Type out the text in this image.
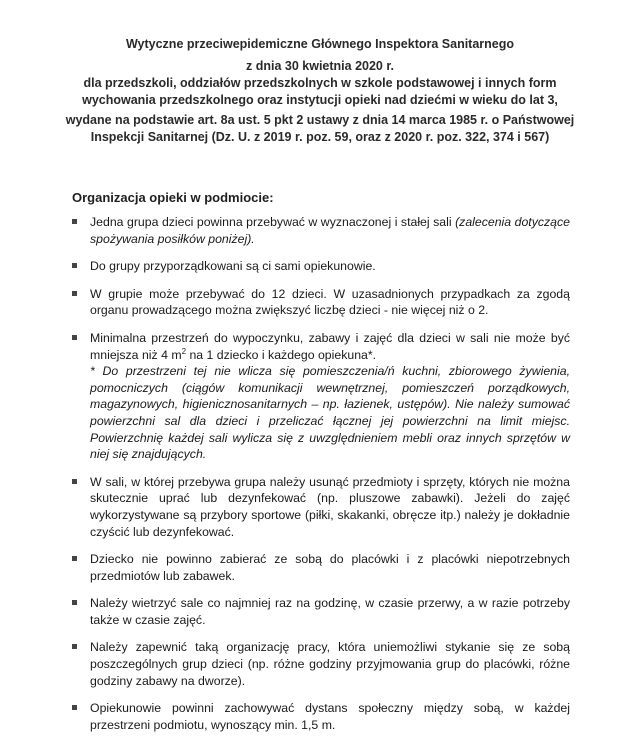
Wytyczne przeciwepidemiczne Głównego Inspektora Sanitarnego
z dnia 30 kwietnia 2020 r.
dla przedszkoli, oddziałów przedszkolnych w szkole podstawowej i innych form
wychowania przedszkolnego oraz instytucji opieki nad dziećmi w wieku do lat 3,
wydane na podstawie art. 8a ust. 5 pkt 2 ustawy z dnia 14 marca 1985 r. o Państwowej
Inspekcji Sanitarnej (Dz. U. z 2019 r. poz. 59, oraz z 2020 r. poz. 322, 374 i 567)
Organizacja opieki w podmiocie:

Jedna grupa dzieci powinna przebywać w wyznaczonej i stałej sali (zalecenia dotyczące spożywania posiłków poniżej).

Do grupy przyporządkowani są ci sami opiekunowie.

W grupie może przebywać do 12 dzieci. W uzasadnionych przypadkach za zgodą organu prowadzącego można zwiększyć liczbę dzieci - nie więcej niż o 2.

Minimalna przestrzeń do wypoczynku, zabawy i zajęć dla dzieci w sali nie może być mniejsza niż 4 $m^2$ na 1 dziecko i każdego opiekuna*.

* Do przestrzeni tej nie wlicza się pomieszczenia/ń kuchni, zbiorowego żywienia, pomocniczych (ciągów komunikacji wewnętrznej, pomieszczeń porządkowych, magazynowych, higienicznosanitarnych – np. łazienek, ustępów). Nie należy sumować powierzchni sal dla dzieci i przeliczać łącznej jej powierzchni na limit miejsc. Powierzchnię każdej sali wylicza się z uwzględnieniem mebli oraz innych sprzętów w niej się znajdujących.

W sali, w której przebywa grupa należy usunąć przedmioty i sprzęty, których nie można skutecznie uprać lub dezynfekować (np. pluszowe zabawki). Jeżeli do zajęć wykorzystywane są przybory sportowe (piłki, skakanki, obręcze itp.) należy je dokładnie czyścić lub dezynfekować.

Dziecko nie powinno zabierać ze sobą do placówki i z placówki niepotrzebnych przedmiotów lub zabawek.

Należy wietrzyć sale co najmniej raz na godzinę, w czasie przerwy, a w razie potrzeby także w czasie zajęć.

Należy zapewnić taką organizację pracy, która uniemożliwi stykanie się ze sobą poszczególnych grup dzieci (np. różne godziny przyjmowania grup do placówki, różne godziny zabawy na dworze).

Opiekunowie powinni zachowywać dystans społeczny między sobą, w każdej przestrzeni podmiotu, wynoszący min. 1,5 m.
